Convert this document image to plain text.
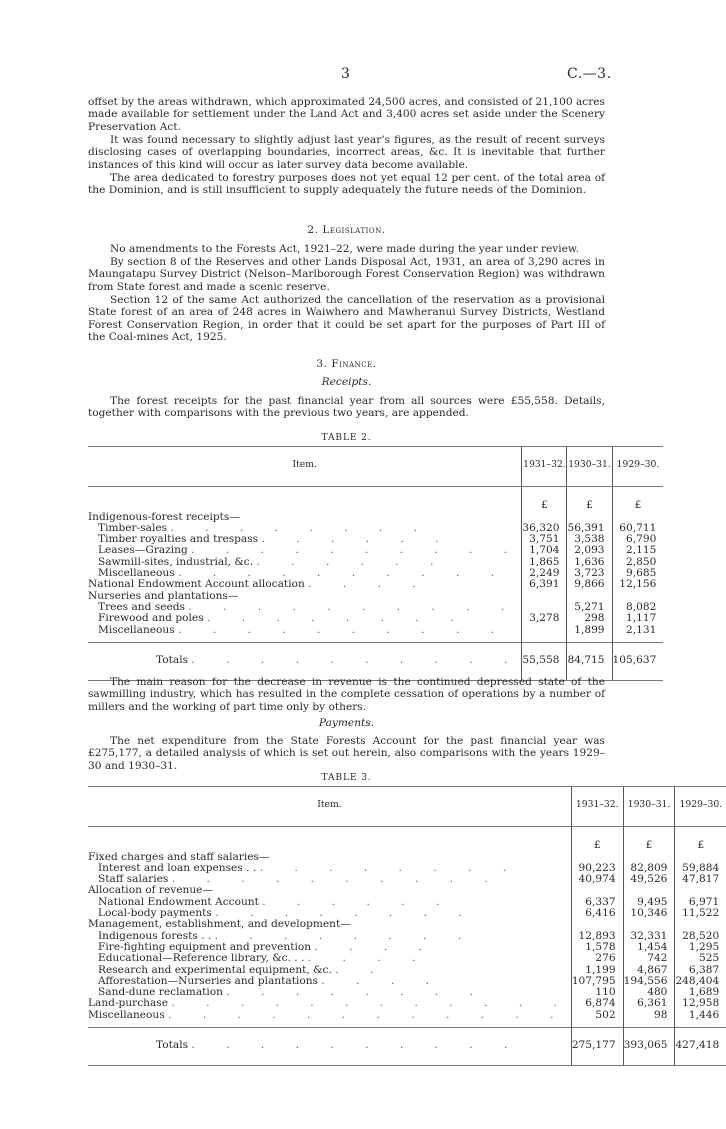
3	C.—3.

offset by the areas withdrawn, which approximated 24,500 acres, and consisted of 21,100 acres made available for settlement under the Land Act and 3,400 acres set aside under the Scenery Preservation Act.

It was found necessary to slightly adjust last year’s figures, as the result of recent surveys disclosing cases of overlapping boundaries, incorrect areas, &c. It is inevitable that further instances of this kind will occur as later survey data become available.

The area dedicated to forestry purposes does not yet equal 12 per cent. of the total area of the Dominion, and is still insufficient to supply adequately the future needs of the Dominion.

2. Legislation.

No amendments to the Forests Act, 1921–22, were made during the year under review.

By section 8 of the Reserves and other Lands Disposal Act, 1931, an area of 3,290 acres in Maungatapu Survey District (Nelson–Marlborough Forest Conservation Region) was withdrawn from State forest and made a scenic reserve.

Section 12 of the same Act authorized the cancellation of the reservation as a provisional State forest of an area of 248 acres in Waiwhero and Mawheranui Survey Districts, Westland Forest Conservation Region, in order that it could be set apart for the purposes of Part III of the Coal-mines Act, 1925.

3. Finance.

Receipts.

The forest receipts for the past financial year from all sources were £55,558. Details, together with comparisons with the previous two years, are appended.

TABLE 2.

Item.	1931–32.	1930–31.	1929–30.
	£	£	£
Indigenous-forest receipts—			
Timber-sales . . . . . . . .	36,320	56,391	60,711
Timber royalties and trespass . . . . . .	3,751	3,538	6,790
Leases—Grazing . . . . . . . . . .	1,704	2,093	2,115
Sawmill-sites, industrial, &c. . . . . . .	1,865	1,636	2,850
Miscellaneous . . . . . . . . . .	2,249	3,723	9,685
National Endowment Account allocation . . . .	6,391	9,866	12,156
Nurseries and plantations—			
Trees and seeds . . . . . . . . . .		5,271	8,082
Firewood and poles . . . . . . . .	3,278	298	1,117
Miscellaneous . . . . . . . . . .		1,899	2,131

Totals . . . . . . . . . .	55,558	84,715	105,637

The main reason for the decrease in revenue is the continued depressed state of the sawmilling industry, which has resulted in the complete cessation of operations by a number of millers and the working of part time only by others.

Payments.

The net expenditure from the State Forests Account for the past financial year was £275,177, a detailed analysis of which is set out herein, also comparisons with the years 1929–30 and 1930–31.

TABLE 3.

Item.	1931–32.	1930–31.	1929–30.
	£	£	£
Fixed charges and staff salaries—			
Interest and loan expenses . . . . . . . . . .	90,223	82,809	59,884
Staff salaries . . . . . . . . . .	40,974	49,526	47,817
Allocation of revenue—			
National Endowment Account . . . . . .	6,337	9,495	6,971
Local-body payments . . . . . . . .	6,416	10,346	11,522
Management, establishment, and development—			
Indigenous forests . . . . . . . . . .	12,893	32,331	28,520
Fire-fighting equipment and prevention . . . .	1,578	1,454	1,295
Educational—Reference library, &c. . . . . . .	276	742	525
Research and experimental equipment, &c. . .	1,199	4,867	6,387
Afforestation—Nurseries and plantations . . . .	107,795	194,556	248,404
Sand-dune reclamation . . . . . . . .	110	480	1,689
Land-purchase . . . . . . . . . . . .	6,874	6,361	12,958
Miscellaneous . . . . . . . . . . . .	502	98	1,446

Totals . . . . . . . . . .	275,177	393,065	427,418
